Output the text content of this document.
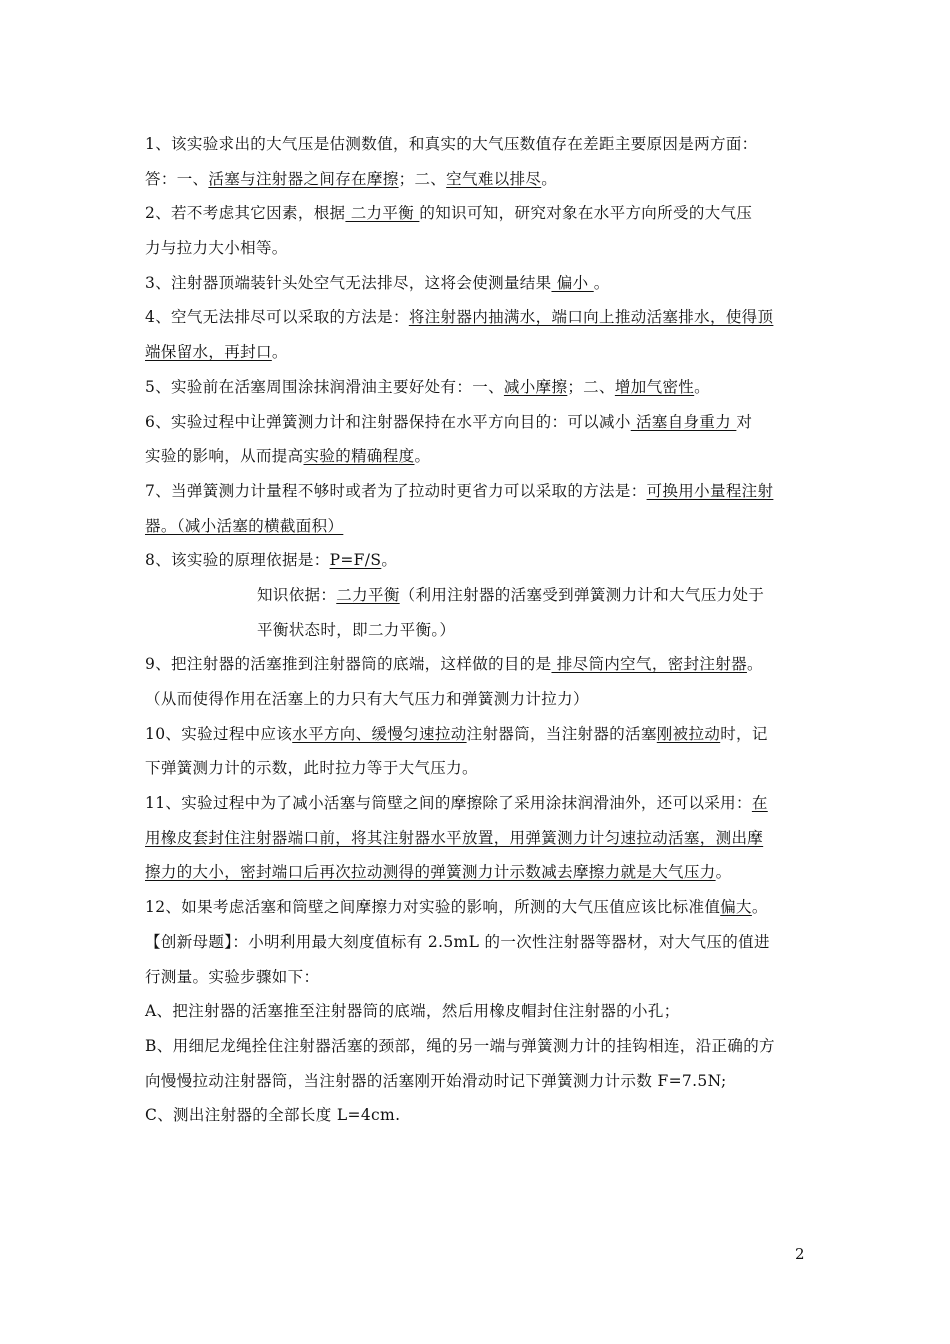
1、该实验求出的大气压是估测数值，和真实的大气压数值存在差距主要原因是两方面：
答：一、活塞与注射器之间存在摩擦；二、空气难以排尽。
2、若不考虑其它因素，根据 二力平衡 的知识可知，研究对象在水平方向所受的大气压
力与拉力大小相等。
3、注射器顶端装针头处空气无法排尽，这将会使测量结果 偏小 。
4、空气无法排尽可以采取的方法是：将注射器内抽满水，端口向上推动活塞排水，使得顶
端保留水，再封口。
5、实验前在活塞周围涂抹润滑油主要好处有：一、减小摩擦；二、增加气密性。
6、实验过程中让弹簧测力计和注射器保持在水平方向目的：可以减小 活塞自身重力 对
实验的影响，从而提高实验的精确程度。
7、当弹簧测力计量程不够时或者为了拉动时更省力可以采取的方法是：可换用小量程注射
器。（减小活塞的横截面积）
8、该实验的原理依据是：P=F/S。
知识依据：二力平衡（利用注射器的活塞受到弹簧测力计和大气压力处于
平衡状态时，即二力平衡。）
9、把注射器的活塞推到注射器筒的底端，这样做的目的是 排尽筒内空气，密封注射器。
（从而使得作用在活塞上的力只有大气压力和弹簧测力计拉力）
10、实验过程中应该水平方向、缓慢匀速拉动注射器筒，当注射器的活塞刚被拉动时，记
下弹簧测力计的示数，此时拉力等于大气压力。
11、实验过程中为了减小活塞与筒壁之间的摩擦除了采用涂抹润滑油外，还可以采用：在
用橡皮套封住注射器端口前，将其注射器水平放置，用弹簧测力计匀速拉动活塞，测出摩
擦力的大小，密封端口后再次拉动测得的弹簧测力计示数减去摩擦力就是大气压力。
12、如果考虑活塞和筒壁之间摩擦力对实验的影响，所测的大气压值应该比标准值偏大。
【创新母题】：小明利用最大刻度值标有 2.5mL 的一次性注射器等器材，对大气压的值进
行测量。实验步骤如下：
A、把注射器的活塞推至注射器筒的底端，然后用橡皮帽封住注射器的小孔；
B、用细尼龙绳拴住注射器活塞的颈部，绳的另一端与弹簧测力计的挂钩相连，沿正确的方
向慢慢拉动注射器筒，当注射器的活塞刚开始滑动时记下弹簧测力计示数 F=7.5N;
C、测出注射器的全部长度 L=4cm.
2
